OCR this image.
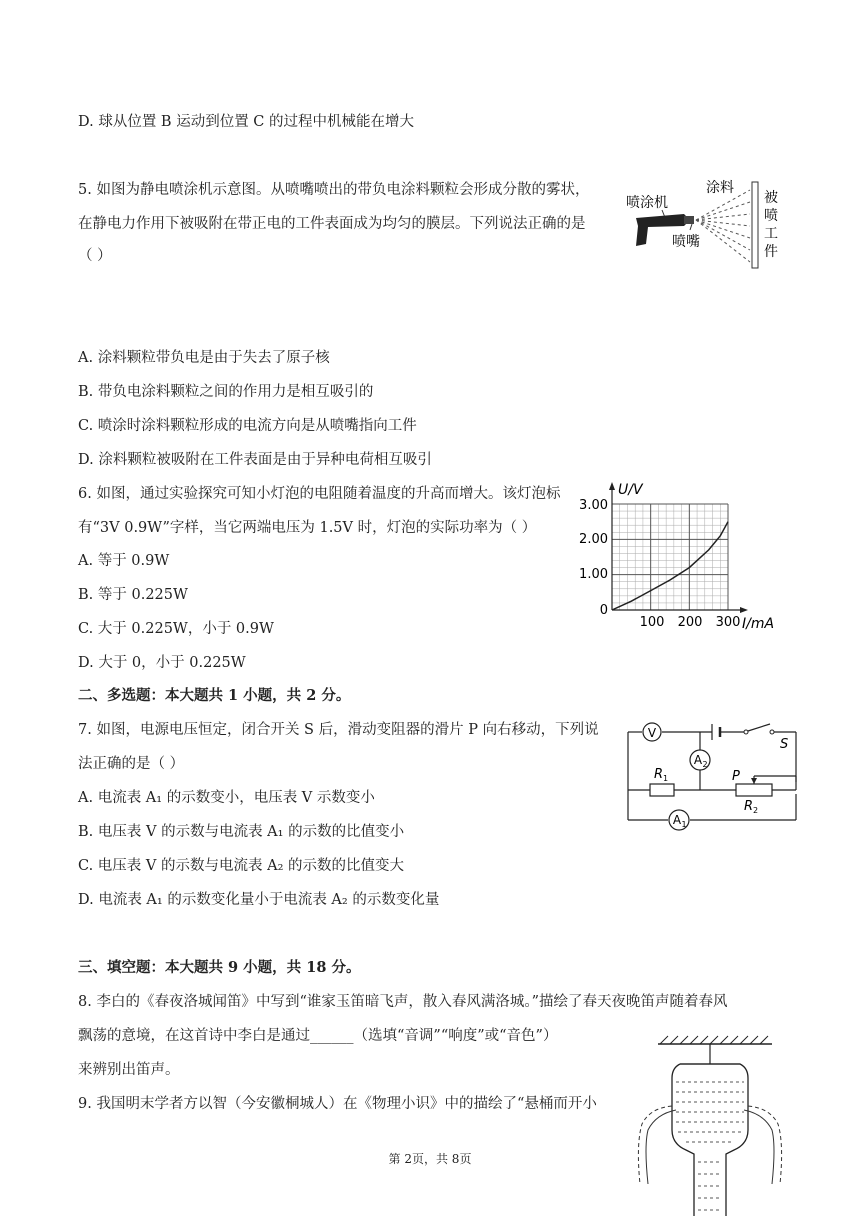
D. 球从位置 B 运动到位置 C 的过程中机械能在增大
5. 如图为静电喷涂机示意图。从喷嘴喷出的带负电涂料颗粒会形成分散的雾状，
在静电力作用下被吸附在带正电的工件表面成为均匀的膜层。下列说法正确的是
（ ）
A. 涂料颗粒带负电是由于失去了原子核
B. 带负电涂料颗粒之间的作用力是相互吸引的
C. 喷涂时涂料颗粒形成的电流方向是从喷嘴指向工件
D. 涂料颗粒被吸附在工件表面是由于异种电荷相互吸引
6. 如图，通过实验探究可知小灯泡的电阻随着温度的升高而增大。该灯泡标
有“3V 0.9W”字样，当它两端电压为 1.5V 时，灯泡的实际功率为（ ）
A. 等于 0.9W
B. 等于 0.225W
C. 大于 0.225W，小于 0.9W
D. 大于 0，小于 0.225W
二、多选题：本大题共 1 小题，共 2 分。
7. 如图，电源电压恒定，闭合开关 S 后，滑动变阻器的滑片 P 向右移动，下列说
法正确的是（ ）
A. 电流表 A₁ 的示数变小，电压表 V 示数变小
B. 电压表 V 的示数与电流表 A₁ 的示数的比值变小
C. 电压表 V 的示数与电流表 A₂ 的示数的比值变大
D. 电流表 A₁ 的示数变化量小于电流表 A₂ 的示数变化量
三、填空题：本大题共 9 小题，共 18 分。
8. 李白的《春夜洛城闻笛》中写到“谁家玉笛暗飞声，散入春风满洛城。”描绘了春天夜晚笛声随着春风
飘荡的意境，在这首诗中李白是通过______（选填“音调”“响度”或“音色”）
来辨别出笛声。
9. 我国明末学者方以智（今安徽桐城人）在《物理小识》中的描绘了“悬桶而开小
第 2页，共 8页
喷涂机
涂料
喷嘴
被
喷
工
件
U/V
I/mA
3.00
2.00
1.00
0
100 200 300
V
S
A 2
R 1	P
R 2
A 1
